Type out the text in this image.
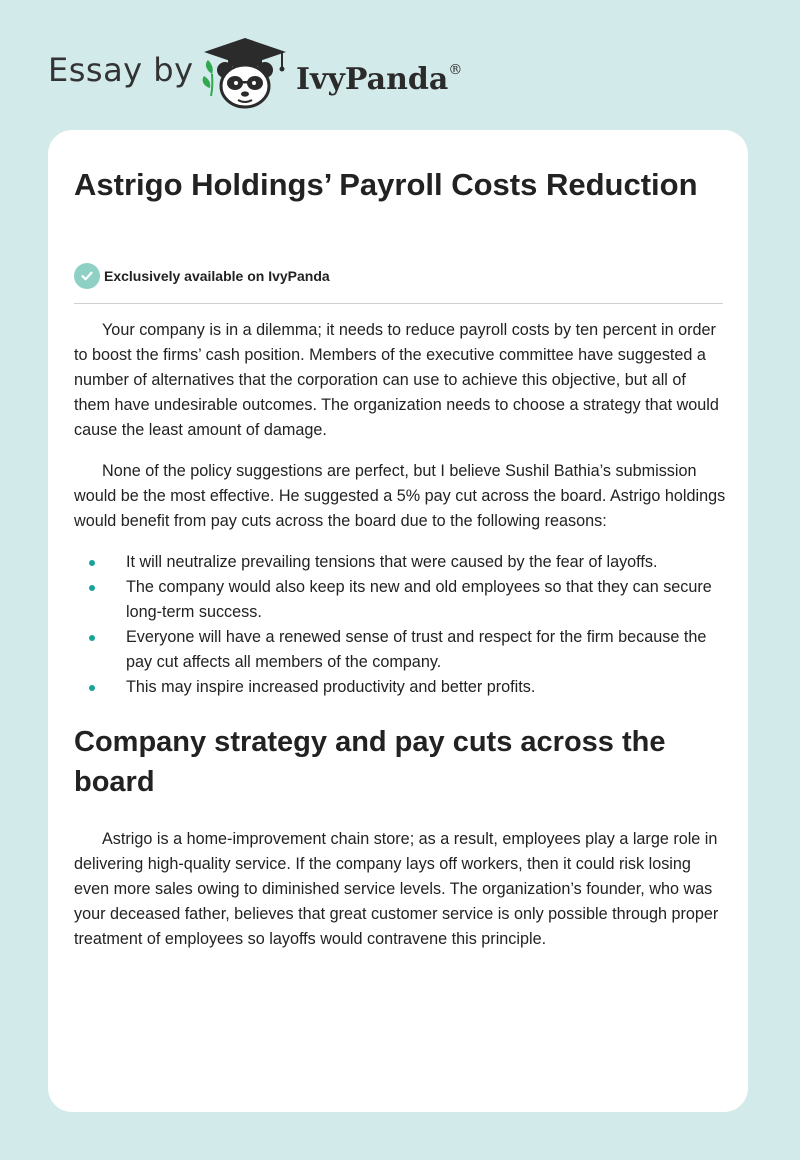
Essay by	IvyPanda®
Astrigo Holdings’ Payroll Costs Reduction
Exclusively available on IvyPanda

Your company is in a dilemma; it needs to reduce payroll costs by ten percent in order to boost the firms’ cash position. Members of the executive committee have suggested a number of alternatives that the corporation can use to achieve this objective, but all of them have undesirable outcomes. The organization needs to choose a strategy that would cause the least amount of damage.

None of the policy suggestions are perfect, but I believe Sushil Bathia’s submission would be the most effective. He suggested a 5% pay cut across the board. Astrigo holdings would benefit from pay cuts across the board due to the following reasons:

It will neutralize prevailing tensions that were caused by the fear of layoffs.
The company would also keep its new and old employees so that they can secure long-term success.
Everyone will have a renewed sense of trust and respect for the firm because the pay cut affects all members of the company.
This may inspire increased productivity and better profits.
Company strategy and pay cuts across the board

Astrigo is a home-improvement chain store; as a result, employees play a large role in delivering high-quality service. If the company lays off workers, then it could risk losing even more sales owing to diminished service levels. The organization’s founder, who was your deceased father, believes that great customer service is only possible through proper treatment of employees so layoffs would contravene this principle.
